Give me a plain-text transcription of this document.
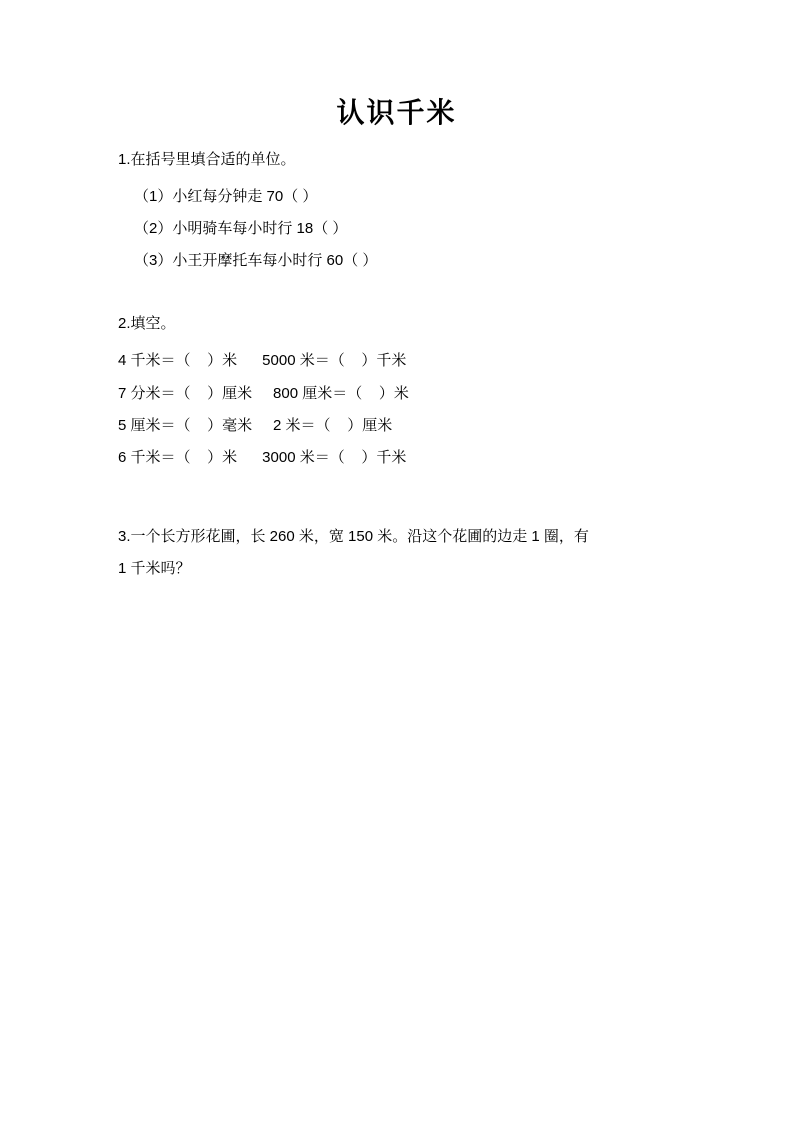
认识千米

1.在括号里填合适的单位。

（1）小红每分钟走 70（ ）

（2）小明骑车每小时行 18（ ）

（3）小王开摩托车每小时行 60（ ）

2.填空。

4 千米＝（    ）米      5000 米＝（    ）千米
7 分米＝（    ）厘米     800 厘米＝（    ）米
5 厘米＝（    ）毫米     2 米＝（    ）厘米
6 千米＝（    ）米      3000 米＝（    ）千米
3.一个长方形花圃，长 260 米，宽 150 米。沿这个花圃的边走 1 圈，有
1 千米吗？
